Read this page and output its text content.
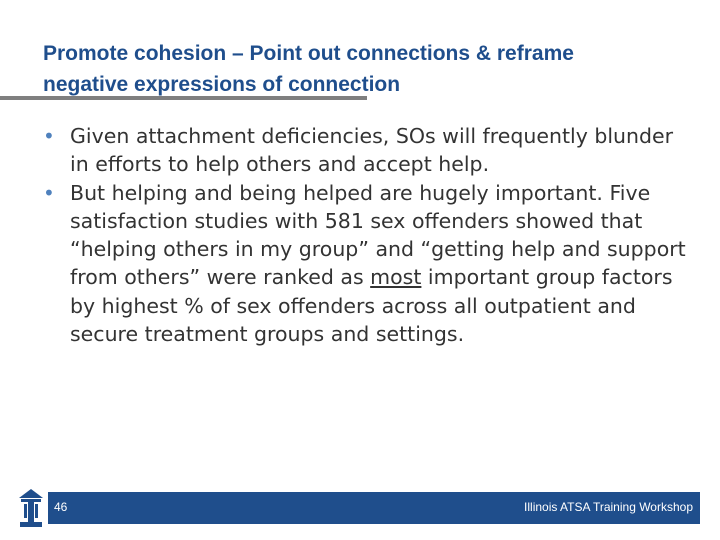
Promote cohesion – Point out connections & reframe
negative expressions of connection
• Given attachment deficiencies, SOs will frequently blunder in efforts to help others and accept help.
• But helping and being helped are hugely important. Five satisfaction studies with 581 sex offenders showed that “helping others in my group” and “getting help and support from others” were ranked as most important group factors by highest % of sex offenders across all outpatient and secure treatment groups and settings.
46	Illinois ATSA Training Workshop
